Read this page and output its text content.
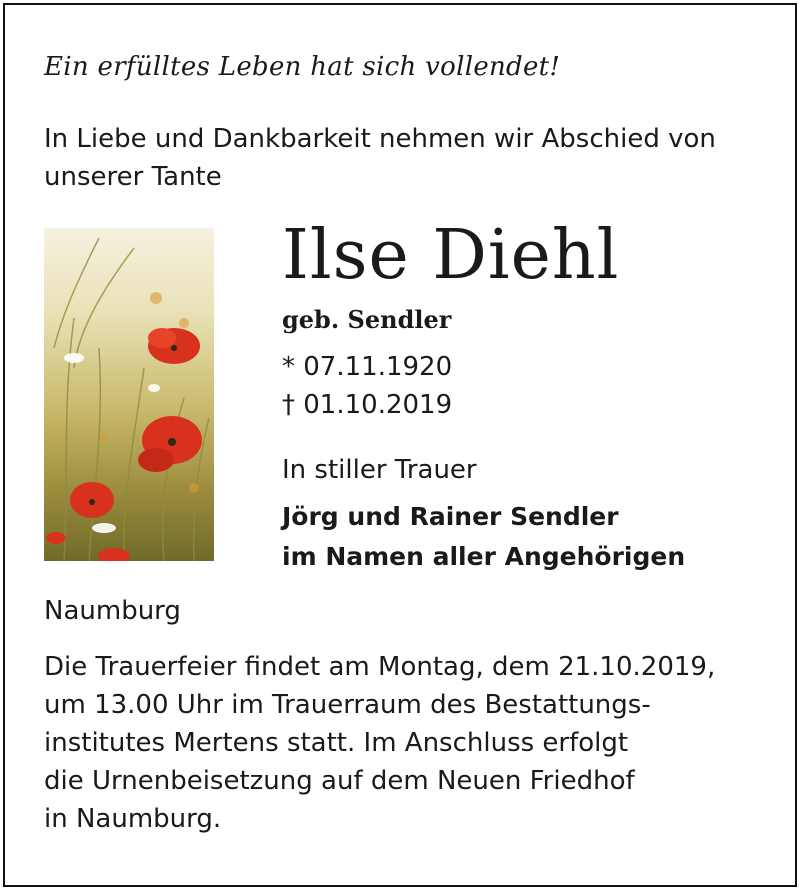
Ein erfülltes Leben hat sich vollendet!
In Liebe und Dankbarkeit nehmen wir Abschied von unserer Tante
Ilse Diehl
geb. Sendler
* 07.11.1920
† 01.10.2019
In stiller Trauer
Jörg und Rainer Sendler
im Namen aller Angehörigen
Naumburg
Die Trauerfeier findet am Montag, dem 21.10.2019,
um 13.00 Uhr im Trauerraum des Bestattungs-
institutes Mertens statt. Im Anschluss erfolgt
die Urnenbeisetzung auf dem Neuen Friedhof
in Naumburg.
